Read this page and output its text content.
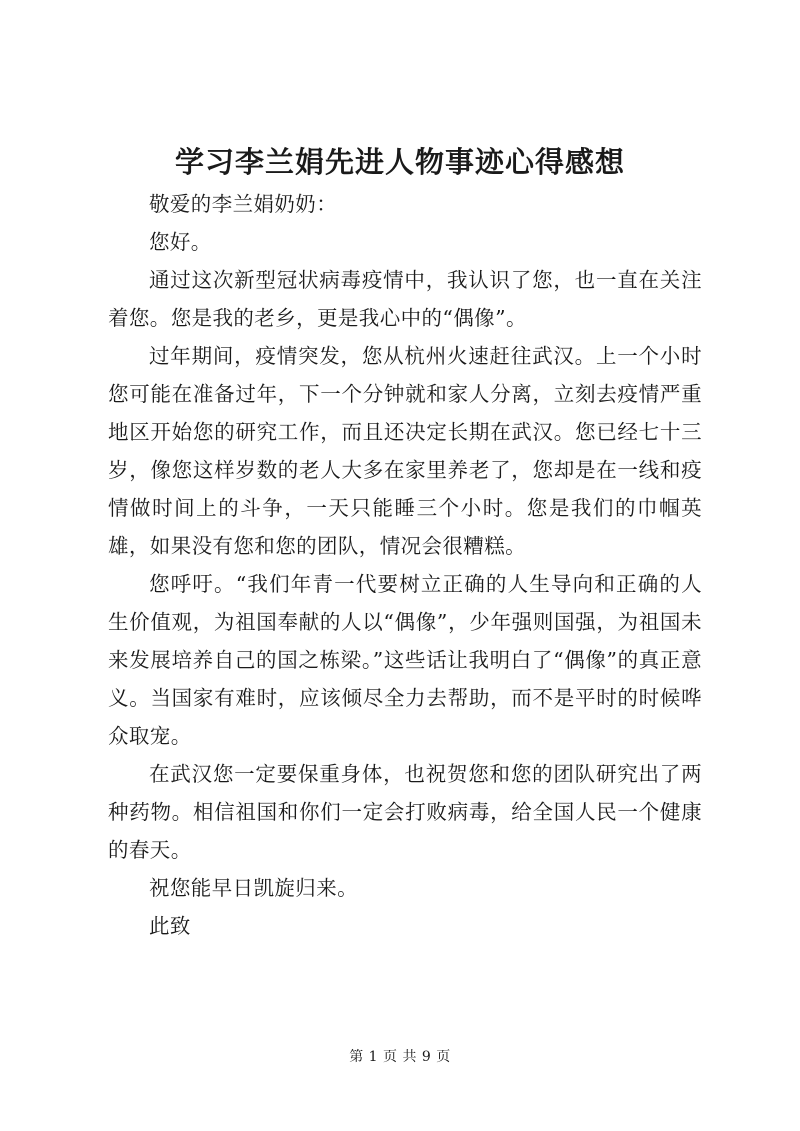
学习李兰娟先进人物事迹心得感想

敬爱的李兰娟奶奶：

您好。

通过这次新型冠状病毒疫情中，我认识了您，也一直在关注着您。您是我的老乡，更是我心中的“偶像”。

过年期间，疫情突发，您从杭州火速赶往武汉。上一个小时您可能在准备过年，下一个分钟就和家人分离，立刻去疫情严重地区开始您的研究工作，而且还决定长期在武汉。您已经七十三岁，像您这样岁数的老人大多在家里养老了，您却是在一线和疫情做时间上的斗争，一天只能睡三个小时。您是我们的巾帼英雄，如果没有您和您的团队，情况会很糟糕。

您呼吁。“我们年青一代要树立正确的人生导向和正确的人生价值观，为祖国奉献的人以“偶像”，少年强则国强，为祖国未来发展培养自己的国之栋梁。”这些话让我明白了“偶像”的真正意义。当国家有难时，应该倾尽全力去帮助，而不是平时的时候哗众取宠。

在武汉您一定要保重身体，也祝贺您和您的团队研究出了两种药物。相信祖国和你们一定会打败病毒，给全国人民一个健康的春天。

祝您能早日凯旋归来。

此致

第 1 页 共 9 页
